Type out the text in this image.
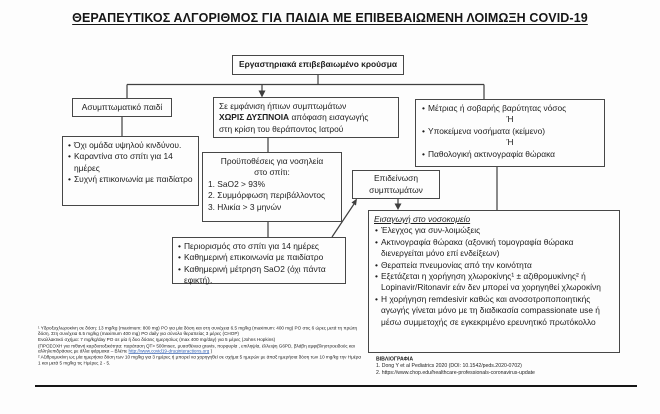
ΘΕΡΑΠΕΥΤΙΚΟΣ ΑΛΓΟΡΙΘΜΟΣ ΓΙΑ ΠΑΙΔΙΑ ΜΕ ΕΠΙΒΕΒΑΙΩΜΕΝΗ ΛΟΙΜΩΞΗ COVID-19
Εργαστηριακά επιβεβαιωμένο κρούσμα
Ασυμπτωματικό παιδί
• Όχι ομάδα υψηλού κινδύνου.
• Καραντίνα στο σπίτι για 14 ημέρες
• Συχνή επικοινωνία με παιδίατρο
Σε εμφάνιση ήπιων συμπτωμάτων
ΧΩΡΙΣ ΔΥΣΠΝΟΙΑ απόφαση εισαγωγής
στη κρίση του θεράποντος Ιατρού
Προϋποθέσεις για νοσηλεία
στο σπίτι:
1. SaO2 > 93%
2. Συμμόρφωση περιβάλλοντος
3. Ηλικία > 3 μηνών
• Μέτριας ή σοβαρής βαρύτητας νόσος
Ή
• Υποκείμενα νοσήματα (κείμενο)
Ή
• Παθολογική ακτινογραφία θώρακα
Επιδείνωση
συμπτωμάτων
• Περιορισμός στο σπίτι για 14 ημέρες
• Καθημερινή επικοινωνία με παιδίατρο
• Καθημερινή μέτρηση SaO2 (όχι πάντα εφικτή).
Εισαγωγή στο νοσοκομείο
• Έλεγχος για συν-λοιμώξεις
• Ακτινογραφία θώρακα (αξονική τομογραφία θώρακα διενεργείται μόνο επί ενδείξεων)
• Θεραπεία πνευμονίας από την κοινότητα
• Εξετάζεται η χορήγηση χλωροκίνης¹ ± αζιθρομυκίνης² ή Lopinavir/Ritonavir εάν δεν μπορεί να χορηγηθεί χλωροκίνη
• Η χορήγηση remdesivir καθώς και ανοσοτροποποιητικής αγωγής γίνεται μόνο με τη διαδικασία compassionate use ή μέσω συμμετοχής σε εγκεκριμένο ερευνητικό πρωτόκολλο
¹ Υδροξυχλωροκίνη σε δόση: 13 mg/kg (maximum: 800 mg) PO για μία δόση και στη συνέχεια 6.5 mg/kg (maximum: 400 mg) PO στις 6 ώρες μετά τη πρώτη δόση. Στη συνέχεια 6.5 mg/kg (maximum 400 mg) PO daily για σύνολο θεραπείας 3 μέρες (CHOP)
Εναλλακτικό σχήμα: 7 mg/kg/day PO σε μία ή δυο δόσεις ημερησίως (max 400 mg/day) για 5 μέρες (Johns Hopkins)
(ΠΡΟΣΟΧΗ για πιθανή καρδιοτοξικότητα: παράταση QT> 500msec, μυασθένεια gravis, πορφυρία , επιληψία, έλλειψη G6PD, βλάβη αμφιβληστροειδούς και αλληλεπιδράσεις με άλλα φάρμακα – Βλέπε http://www.covid19-druginteractions.org )
² Αζιθρομυκίνη ως μία ημερήσια δόση των 10 mg/kg για 3 ημέρες ή μπορεί να χορηγηθεί σε σχήμα 5 ημερών με άπαξ ημερήσια δόση των 10 mg/kg την Ημέρα 1 και μετά 5 mg/kg τις Ημέρες 2 - 5.
ΒΙΒΛΙΟΓΡΑΦΙΑ
1. Dong Y et al Pediatrics 2020 (DOI: 10.1542/peds.2020-0702)
2. https://www.chop.edu/healthcare-professionals-coronavirus-update
